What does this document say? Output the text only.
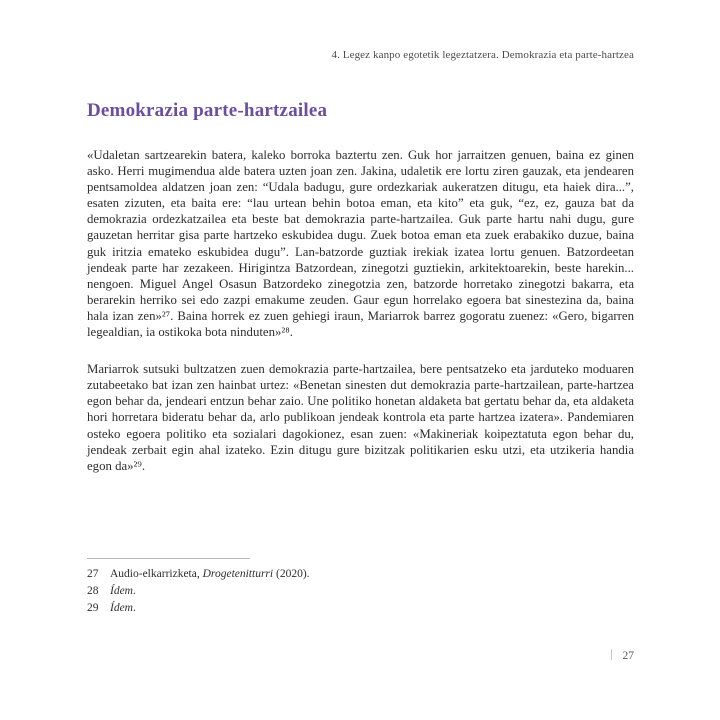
4. Legez kanpo egotetik legeztatzera. Demokrazia eta parte-hartzea
Demokrazia parte-hartzailea

«Udaletan sartzearekin batera, kaleko borroka baztertu zen. Guk hor jarraitzen genuen, baina ez ginen asko. Herri mugimendua alde batera uzten joan zen. Jakina, udaletik ere lortu ziren gauzak, eta jendearen pentsamoldea aldatzen joan zen: “Udala badugu, gure ordezkariak aukeratzen ditugu, eta haiek dira...”, esaten zizuten, eta baita ere: “lau urtean behin botoa eman, eta kito” eta guk, “ez, ez, gauza bat da demokrazia ordezkatzailea eta beste bat demokrazia parte-hartzailea. Guk parte hartu nahi dugu, gure gauzetan herritar gisa parte hartzeko eskubidea dugu. Zuek botoa eman eta zuek erabakiko duzue, baina guk iritzia emateko eskubidea dugu”. Lan-batzorde guztiak irekiak izatea lortu genuen. Batzordeetan jendeak parte har zezakeen. Hirigintza Batzordean, zinegotzi guztiekin, arkitektoarekin, beste harekin... nengoen. Miguel Angel Osasun Batzordeko zinegotzia zen, batzorde horretako zinegotzi bakarra, eta berarekin herriko sei edo zazpi emakume zeuden. Gaur egun horrelako egoera bat sinestezina da, baina hala izan zen»²⁷. Baina horrek ez zuen gehiegi iraun, Mariarrok barrez gogoratu zuenez: «Gero, bigarren legealdian, ia ostikoka bota ninduten»²⁸.

Mariarrok sutsuki bultzatzen zuen demokrazia parte-hartzailea, bere pentsatzeko eta jarduteko moduaren zutabeetako bat izan zen hainbat urtez: «Benetan sinesten dut demokrazia parte-hartzailean, parte-hartzea egon behar da, jendeari entzun behar zaio. Une politiko honetan aldaketa bat gertatu behar da, eta aldaketa hori horretara bideratu behar da, arlo publikoan jendeak kontrola eta parte hartzea izatera». Pandemiaren osteko egoera politiko eta sozialari dagokionez, esan zuen: «Makineriak koipeztatuta egon behar du, jendeak zerbait egin ahal izateko. Ezin ditugu gure bizitzak politikarien esku utzi, eta utzikeria handia egon da»²⁹.

27	Audio-elkarrizketa, Drogetenitturri (2020).
28	Ídem.
29	Ídem.
27
